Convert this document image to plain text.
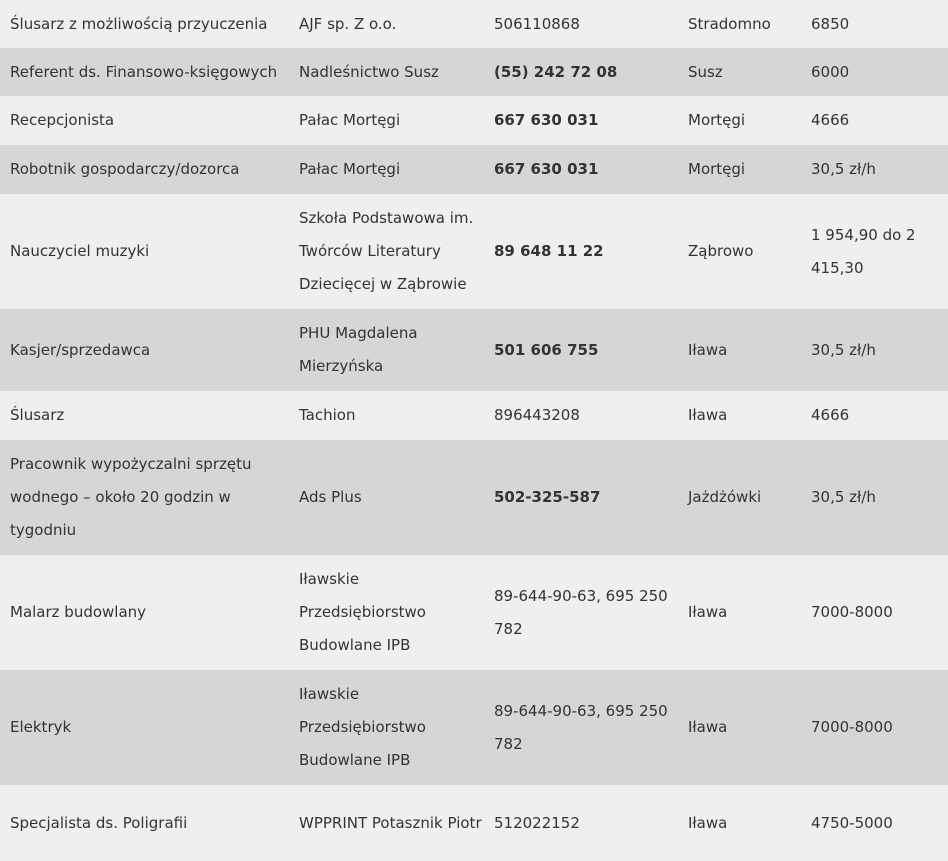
Ślusarz z możliwością przyuczenia	AJF sp. Z o.o.	506110868	Stradomno	6850
Referent ds. Finansowo-księgowych	Nadleśnictwo Susz	(55) 242 72 08	Susz	6000
Recepcjonista	Pałac Mortęgi	667 630 031	Mortęgi	4666
Robotnik gospodarczy/dozorca	Pałac Mortęgi	667 630 031	Mortęgi	30,5 zł/h
Nauczyciel muzyki	Szkoła Podstawowa im. Twórców Literatury Dziecięcej w Ząbrowie	89 648 11 22	Ząbrowo	1 954,90 do 2 415,30
Kasjer/sprzedawca	PHU Magdalena Mierzyńska	501 606 755	Iława	30,5 zł/h
Ślusarz	Tachion	896443208	Iława	4666
Pracownik wypożyczalni sprzętu wodnego – około 20 godzin w tygodniu	Ads Plus	502-325-587	Jażdżówki	30,5 zł/h
Malarz budowlany	Iławskie Przedsiębiorstwo Budowlane IPB	89-644-90-63, 695 250 782	Iława	7000-8000
Elektryk	Iławskie Przedsiębiorstwo Budowlane IPB	89-644-90-63, 695 250 782	Iława	7000-8000
Specjalista ds. Poligrafii	WPPRINT Potasznik Piotr	512022152	Iława	4750-5000
